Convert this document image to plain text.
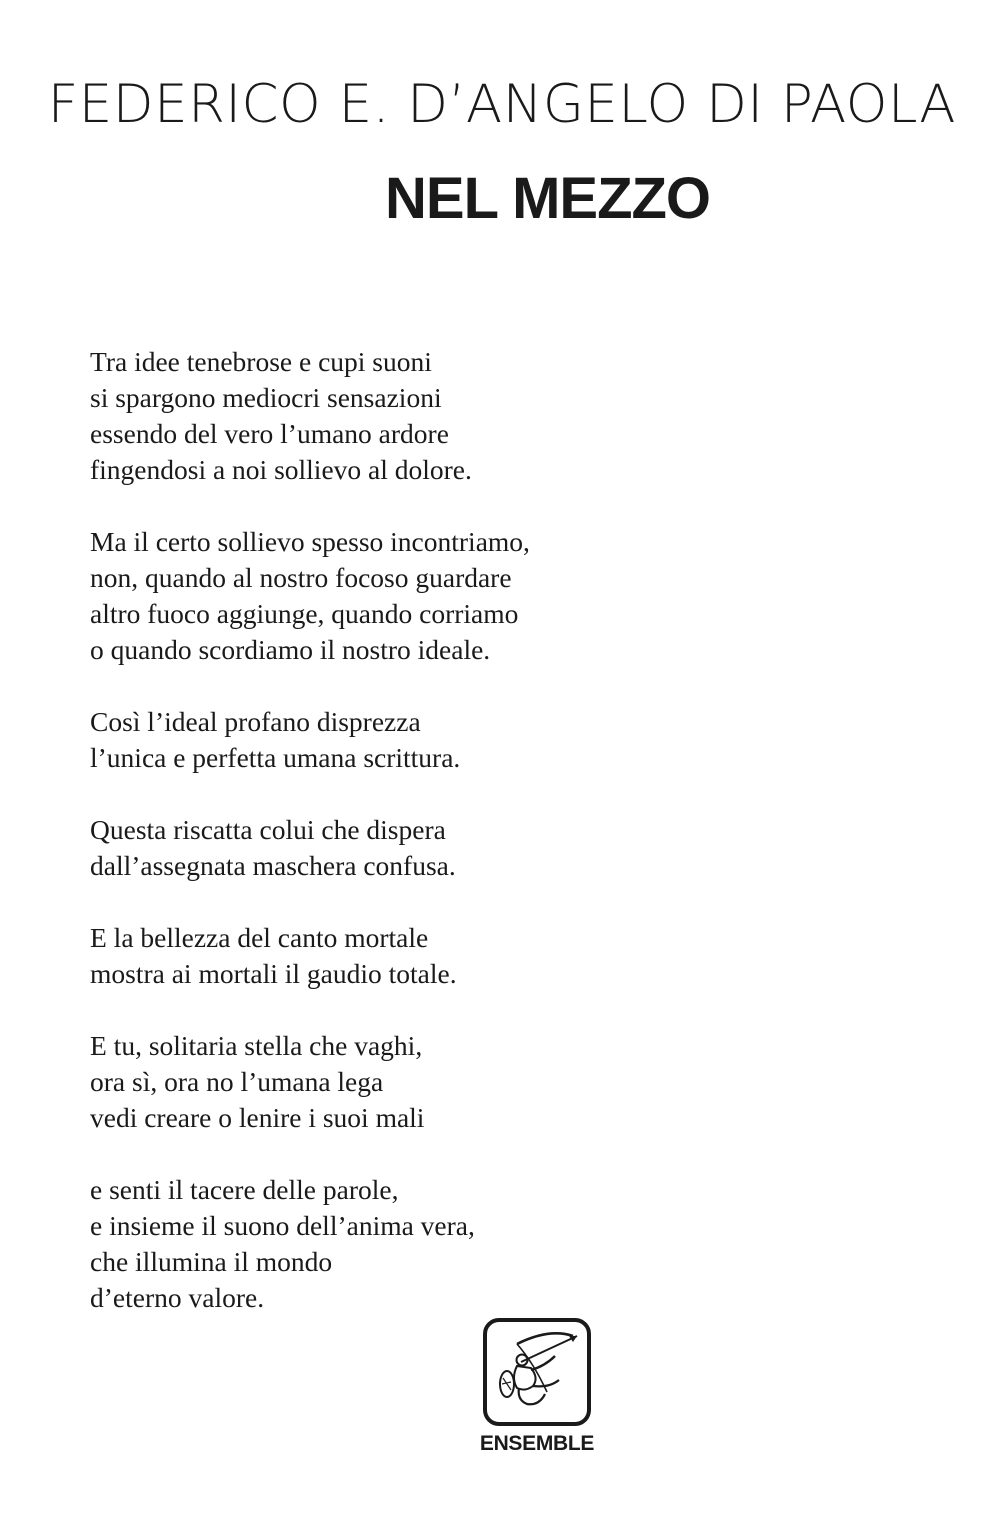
FEDERICO E. D’ANGELO DI PAOLA
NEL MEZZO
Tra idee tenebrose e cupi suoni
si spargono mediocri sensazioni
essendo del vero l’umano ardore
fingendosi a noi sollievo al dolore.
Ma il certo sollievo spesso incontriamo,
non, quando al nostro focoso guardare
altro fuoco aggiunge, quando corriamo
o quando scordiamo il nostro ideale.
Così l’ideal profano disprezza
l’unica e perfetta umana scrittura.
Questa riscatta colui che dispera
dall’assegnata maschera confusa.
E la bellezza del canto mortale
mostra ai mortali il gaudio totale.
E tu, solitaria stella che vaghi,
ora sì, ora no l’umana lega
vedi creare o lenire i suoi mali
e senti il tacere delle parole,
e insieme il suono dell’anima vera,
che illumina il mondo
d’eterno valore.
ENSEMBLE
